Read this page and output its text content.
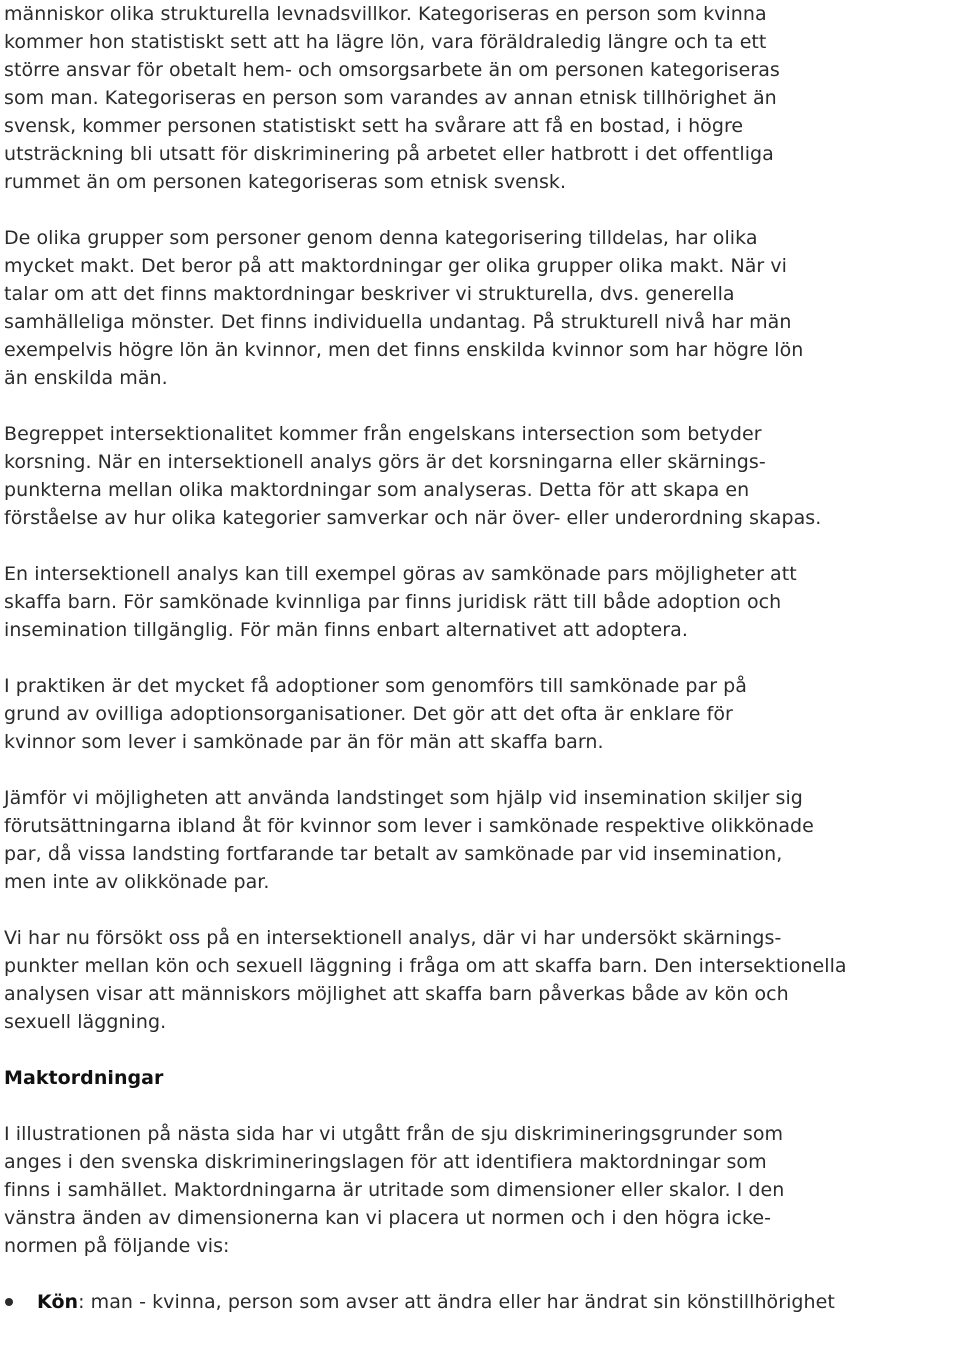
människor olika strukturella levnadsvillkor. Kategoriseras en person som kvinna
kommer hon statistiskt sett att ha lägre lön, vara föräldraledig längre och ta ett
större ansvar för obetalt hem- och omsorgsarbete än om personen kategoriseras
som man. Kategoriseras en person som varandes av annan etnisk tillhörighet än
svensk, kommer personen statistiskt sett ha svårare att få en bostad, i högre
utsträckning bli utsatt för diskriminering på arbetet eller hatbrott i det offentliga
rummet än om personen kategoriseras som etnisk svensk.
De olika grupper som personer genom denna kategorisering tilldelas, har olika
mycket makt. Det beror på att maktordningar ger olika grupper olika makt. När vi
talar om att det finns maktordningar beskriver vi strukturella, dvs. generella
samhälleliga mönster. Det finns individuella undantag. På strukturell nivå har män
exempelvis högre lön än kvinnor, men det finns enskilda kvinnor som har högre lön
än enskilda män.
Begreppet intersektionalitet kommer från engelskans intersection som betyder
korsning. När en intersektionell analys görs är det korsningarna eller skärnings-
punkterna mellan olika maktordningar som analyseras. Detta för att skapa en
förståelse av hur olika kategorier samverkar och när över- eller underordning skapas.
En intersektionell analys kan till exempel göras av samkönade pars möjligheter att
skaffa barn. För samkönade kvinnliga par finns juridisk rätt till både adoption och
insemination tillgänglig. För män finns enbart alternativet att adoptera.
I praktiken är det mycket få adoptioner som genomförs till samkönade par på
grund av ovilliga adoptionsorganisationer. Det gör att det ofta är enklare för
kvinnor som lever i samkönade par än för män att skaffa barn.
Jämför vi möjligheten att använda landstinget som hjälp vid insemination skiljer sig
förutsättningarna ibland åt för kvinnor som lever i samkönade respektive olikkönade
par, då vissa landsting fortfarande tar betalt av samkönade par vid insemination,
men inte av olikkönade par.
Vi har nu försökt oss på en intersektionell analys, där vi har undersökt skärnings-
punkter mellan kön och sexuell läggning i fråga om att skaffa barn. Den intersektionella
analysen visar att människors möjlighet att skaffa barn påverkas både av kön och
sexuell läggning.
Maktordningar
I illustrationen på nästa sida har vi utgått från de sju diskrimineringsgrunder som
anges i den svenska diskrimineringslagen för att identifiera maktordningar som
finns i samhället. Maktordningarna är utritade som dimensioner eller skalor. I den
vänstra änden av dimensionerna kan vi placera ut normen och i den högra icke-
normen på följande vis:
Kön : man - kvinna, person som avser att ändra eller har ändrat sin könstillhörighet
